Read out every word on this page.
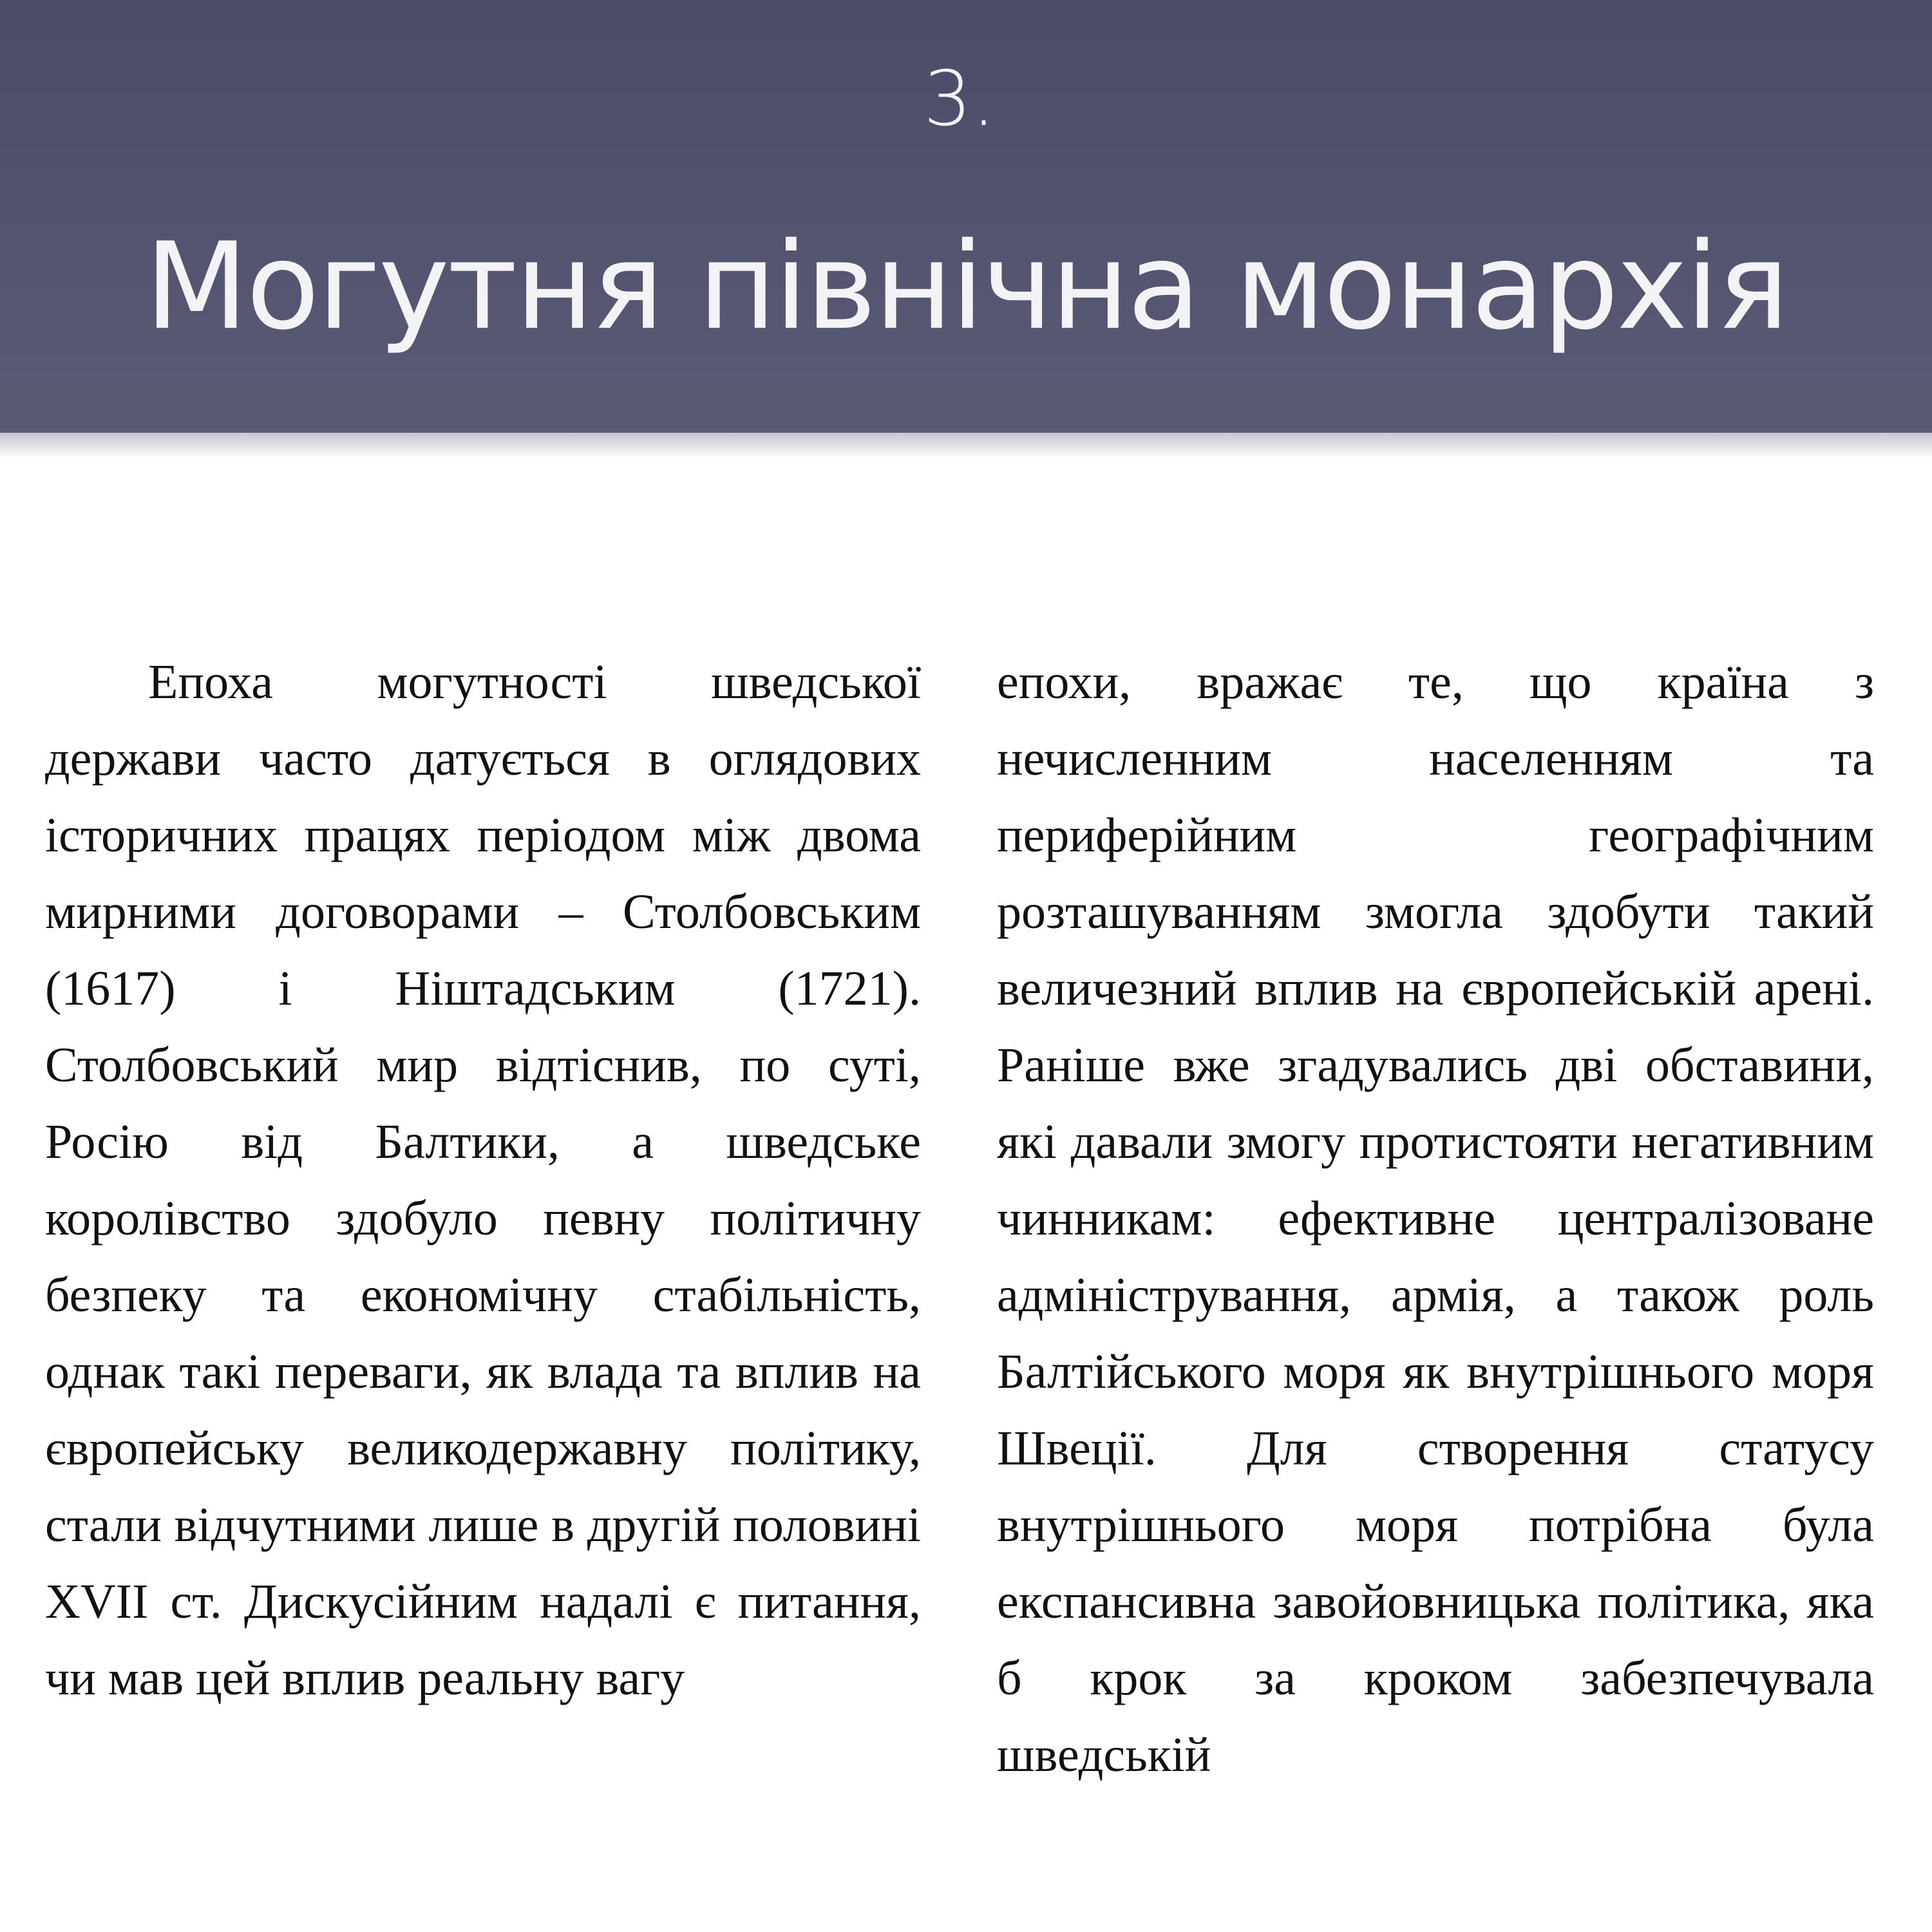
3.
Могутня північна монархія

Епоха могутності шведської держави часто датується в оглядових історичних працях періодом між двома мирними договорами – Столбовським (1617) і Ніштадським (1721). Столбовський мир відтіснив, по суті, Росію від Балтики, а шведське королівство здобуло певну політичну безпеку та економічну стабільність, однак такі переваги, як влада та вплив на європейську великодержавну політику, стали відчутними лише в другій половині XVII ст. Дискусійним надалі є питання, чи мав цей вплив реальну вагу

епохи, вражає те, що країна з нечисленним населенням та периферійним географічним розташуванням змогла здобути такий величезний вплив на європейській арені. Раніше вже згадувались дві обставини, які давали змогу протистояти негативним чинникам: ефективне централізоване адміністрування, армія, а також роль Балтійського моря як внутрішнього моря Швеції. Для створення статусу внутрішнього моря потрібна була експансивна завойовницька політика, яка б крок за кроком забезпечувала шведській
